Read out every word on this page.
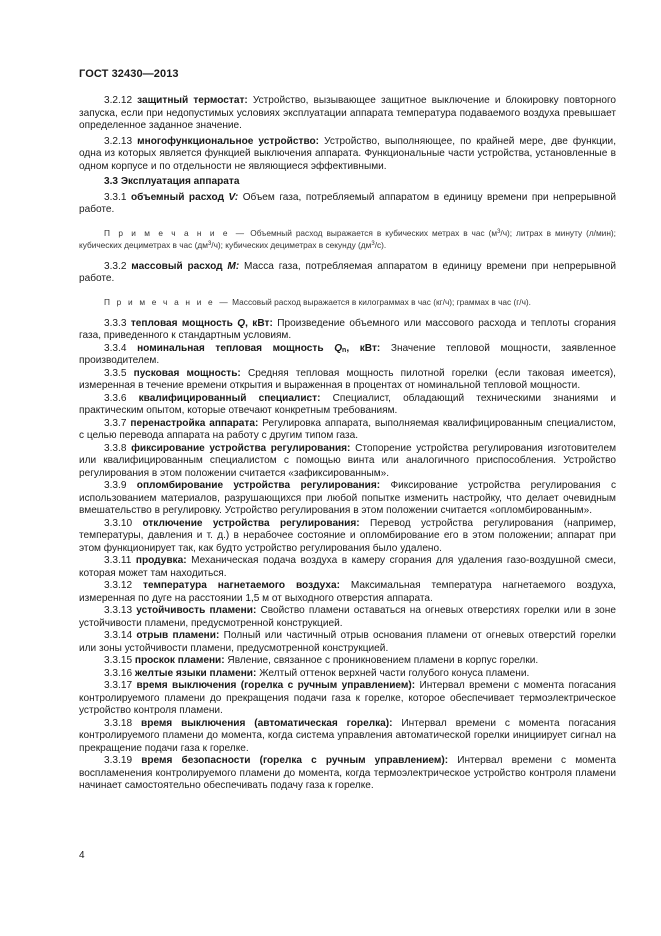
ГОСТ 32430—2013

3.2.12 защитный термостат: Устройство, вызывающее защитное выключение и блокировку повторного запуска, если при недопустимых условиях эксплуатации аппарата температура подаваемого воздуха превышает определенное заданное значение.

3.2.13 многофункциональное устройство: Устройство, выполняющее, по крайней мере, две функции, одна из которых является функцией выключения аппарата. Функциональные части устройства, установленные в одном корпусе и по отдельности не являющиеся эффективными.

3.3 Эксплуатация аппарата

3.3.1 объемный расход V: Объем газа, потребляемый аппаратом в единицу времени при непрерывной работе.

П р и м е ч а н и е — Объемный расход выражается в кубических метрах в час $(м^3/ч)$; литрах в минуту (л/мин); кубических дециметрах в час $(дм^3/ч)$; кубических дециметрах в секунду $(дм^3/с)$.

3.3.2 массовый расход M: Масса газа, потребляемая аппаратом в единицу времени при непрерывной работе.

П р и м е ч а н и е — Массовый расход выражается в килограммах в час (кг/ч); граммах в час (г/ч).

3.3.3 тепловая мощность Q, кВт: Произведение объемного или массового расхода и теплоты сгорания газа, приведенного к стандартным условиям.

3.3.4 номинальная тепловая мощность $Q_n$, кВт: Значение тепловой мощности, заявленное производителем.

3.3.5 пусковая мощность: Средняя тепловая мощность пилотной горелки (если таковая имеется), измеренная в течение времени открытия и выраженная в процентах от номинальной тепловой мощности.

3.3.6 квалифицированный специалист: Специалист, обладающий техническими знаниями и практическим опытом, которые отвечают конкретным требованиям.

3.3.7 перенастройка аппарата: Регулировка аппарата, выполняемая квалифицированным специалистом, с целью перевода аппарата на работу с другим типом газа.

3.3.8 фиксирование устройства регулирования: Стопорение устройства регулирования изготовителем или квалифицированным специалистом с помощью винта или аналогичного приспособления. Устройство регулирования в этом положении считается «зафиксированным».

3.3.9 опломбирование устройства регулирования: Фиксирование устройства регулирования с использованием материалов, разрушающихся при любой попытке изменить настройку, что делает очевидным вмешательство в регулировку. Устройство регулирования в этом положении считается «опломбированным».

3.3.10 отключение устройства регулирования: Перевод устройства регулирования (например, температуры, давления и т. д.) в нерабочее состояние и опломбирование его в этом положении; аппарат при этом функционирует так, как будто устройство регулирования было удалено.

3.3.11 продувка: Механическая подача воздуха в камеру сгорания для удаления газо-воздушной смеси, которая может там находиться.

3.3.12 температура нагнетаемого воздуха: Максимальная температура нагнетаемого воздуха, измеренная по дуге на расстоянии 1,5 м от выходного отверстия аппарата.

3.3.13 устойчивость пламени: Свойство пламени оставаться на огневых отверстиях горелки или в зоне устойчивости пламени, предусмотренной конструкцией.

3.3.14 отрыв пламени: Полный или частичный отрыв основания пламени от огневых отверстий горелки или зоны устойчивости пламени, предусмотренной конструкцией.

3.3.15 проскок пламени: Явление, связанное с проникновением пламени в корпус горелки.

3.3.16 желтые языки пламени: Желтый оттенок верхней части голубого конуса пламени.

3.3.17 время выключения (горелка с ручным управлением): Интервал времени с момента погасания контролируемого пламени до прекращения подачи газа к горелке, которое обеспечивает термоэлектрическое устройство контроля пламени.

3.3.18 время выключения (автоматическая горелка): Интервал времени с момента погасания контролируемого пламени до момента, когда система управления автоматической горелки инициирует сигнал на прекращение подачи газа к горелке.

3.3.19 время безопасности (горелка с ручным управлением): Интервал времени с момента воспламенения контролируемого пламени до момента, когда термоэлектрическое устройство контроля пламени начинает самостоятельно обеспечивать подачу газа к горелке.

4
